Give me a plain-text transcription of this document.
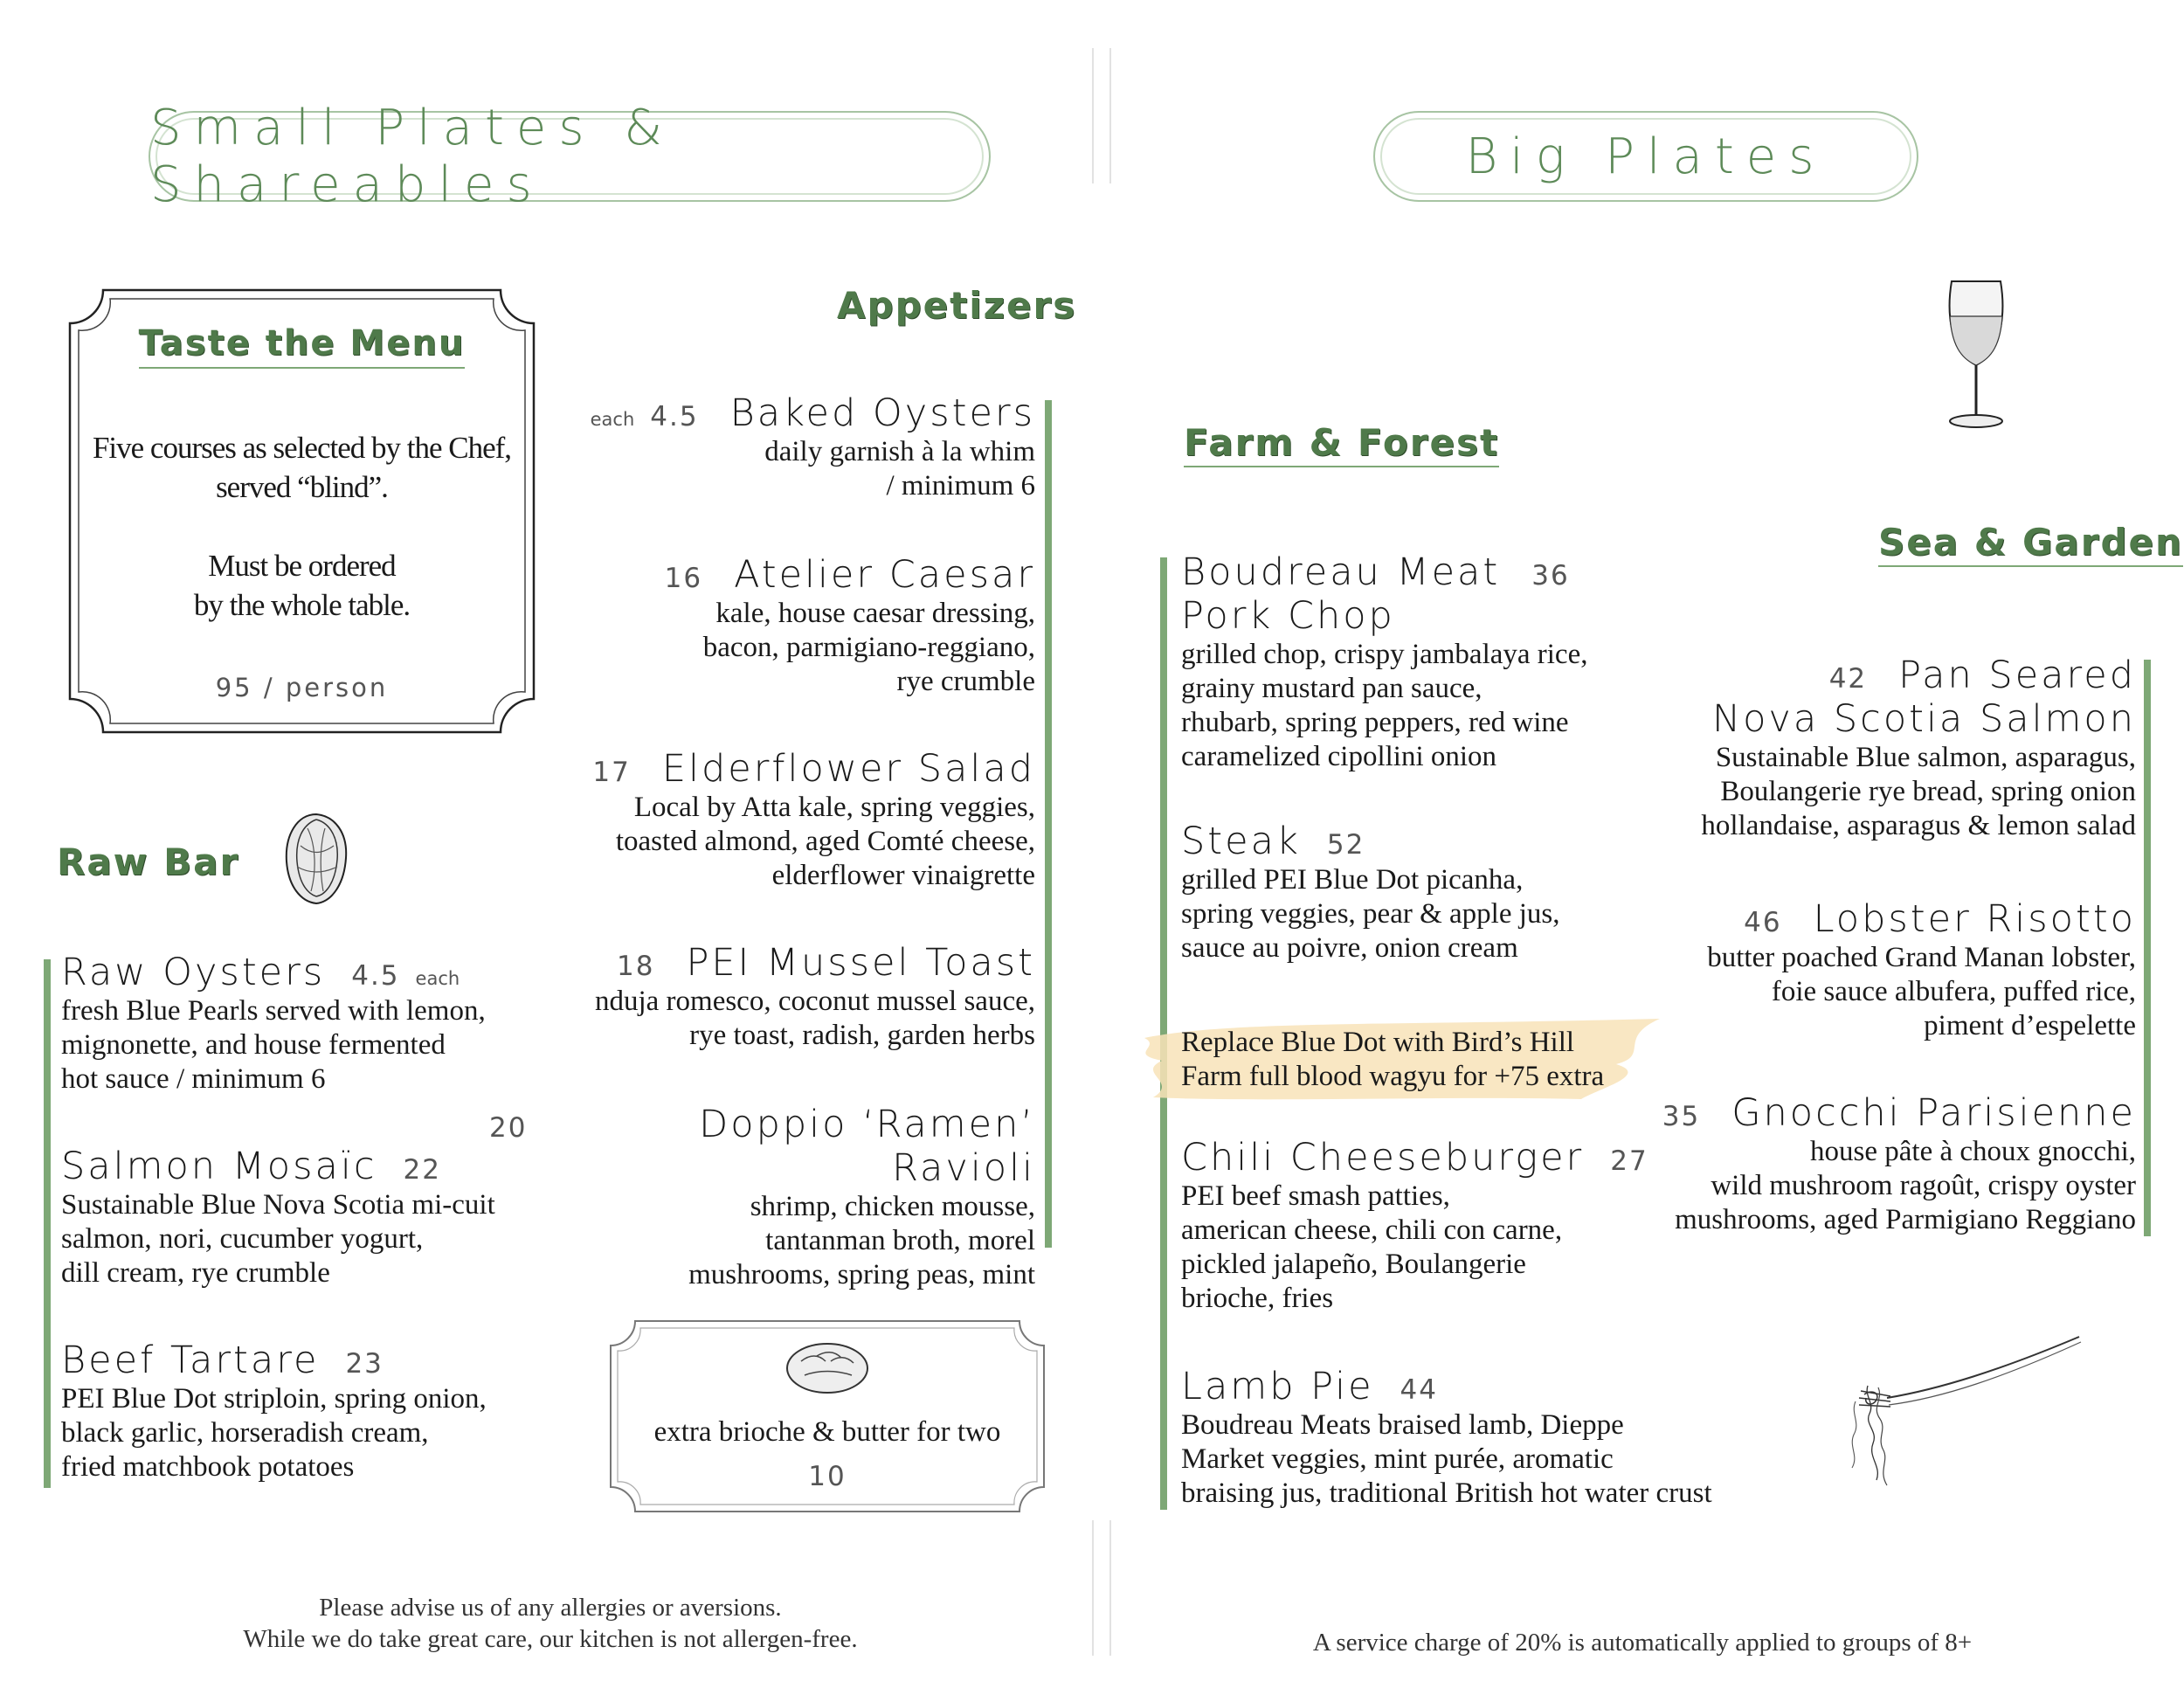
Small Plates & Shareables
Taste the Menu
Five courses as selected by the Chef,
served “blind”.
Must be ordered
by the whole table.
95 / person
Raw Bar
Raw Oysters 4.5 each
fresh Blue Pearls served with lemon,
mignonette, and house fermented
hot sauce / minimum 6
Salmon Mosaïc 22
Sustainable Blue Nova Scotia mi-cuit
salmon, nori, cucumber yogurt,
dill cream, rye crumble
Beef Tartare 23
PEI Blue Dot striploin, spring onion,
black garlic, horseradish cream,
fried matchbook potatoes
Appetizers
each 4.5 Baked Oysters
daily garnish à la whim
/ minimum 6
16 Atelier Caesar
kale, house caesar dressing,
bacon, parmigiano-reggiano,
rye crumble
17 Elderflower Salad
Local by Atta kale, spring veggies,
toasted almond, aged Comté cheese,
elderflower vinaigrette
18 PEI Mussel Toast
nduja romesco, coconut mussel sauce,
rye toast, radish, garden herbs
20	Doppio ‘Ramen’ Ravioli
shrimp, chicken mousse,
tantanman broth, morel
mushrooms, spring peas, mint
extra brioche & butter for two
10
Please advise us of any allergies or aversions.
While we do take great care, our kitchen is not allergen-free.
Big Plates
Farm & Forest
Boudreau Meat 36
Pork Chop
grilled chop, crispy jambalaya rice,
grainy mustard pan sauce,
rhubarb, spring peppers, red wine
caramelized cipollini onion
Steak 52
grilled PEI Blue Dot picanha,
spring veggies, pear & apple jus,
sauce au poivre, onion cream
Replace Blue Dot with Bird’s Hill
Farm full blood wagyu for +75 extra
Chili Cheeseburger 27
PEI beef smash patties,
american cheese, chili con carne,
pickled jalapeño, Boulangerie
brioche, fries
Lamb Pie 44
Boudreau Meats braised lamb, Dieppe
Market veggies, mint purée, aromatic
braising jus, traditional British hot water crust
Sea & Garden
42 Pan Seared
Nova Scotia Salmon
Sustainable Blue salmon, asparagus,
Boulangerie rye bread, spring onion
hollandaise, asparagus & lemon salad
46 Lobster Risotto
butter poached Grand Manan lobster,
foie sauce albufera, puffed rice,
piment d’espelette
35 Gnocchi Parisienne
house pâte à choux gnocchi,
wild mushroom ragoût, crispy oyster
mushrooms, aged Parmigiano Reggiano
A service charge of 20% is automatically applied to groups of 8+
